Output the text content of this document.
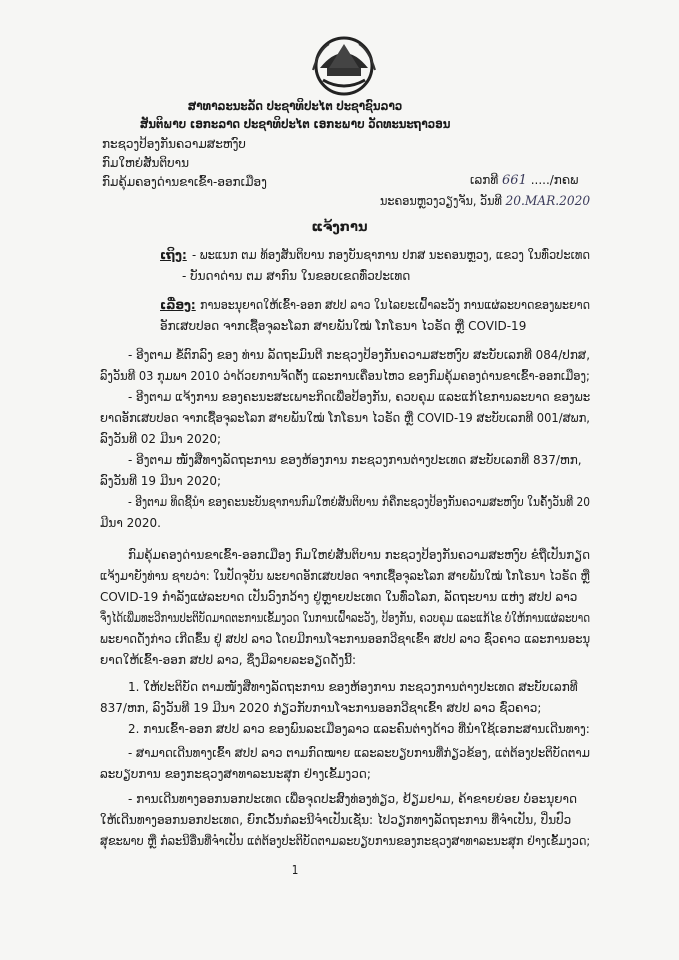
ສາທາລະນະລັດ ປະຊາທິປະໄຕ ປະຊາຊົນລາວ
ສັນຕິພາບ ເອກະລາດ ປະຊາທິປະໄຕ ເອກະພາບ ວັດທະນະຖາວອນ
ກະຊວງປ້ອງກັນຄວາມສະຫງົບ
ກົມໃຫຍ່ສັນຕິບານ
ກົມຄຸ້ມຄອງດ່ານຂາເຂົ້າ-ອອກເມືອງ	ເລກທີ 661 ...../ກຄພ
ນະຄອນຫຼວງວຽງຈັນ, ວັນທີ 20.MAR.2020
ແຈ້ງການ
ເຖິງ: - ພະແນກ ຕມ ທ້ອງສັນຕິບານ ກອງບັນຊາການ ປກສ ນະຄອນຫຼວງ, ແຂວງ ໃນທົ່ວປະເທດ
- ບັນດາດ່ານ ຕມ ສາກົນ ໃນຂອບເຂດທົ່ວປະເທດ
ເລື່ອງ: ການອະນຸຍາດໃຫ້ເຂົ້າ-ອອກ ສປປ ລາວ ໃນໄລຍະເຝົ້າລະວັງ ການແຜ່ລະບາດຂອງພະຍາດ
ອັກເສບປອດ ຈາກເຊື້ອຈຸລະໂລກ ສາຍພັນໃໝ່ ໂກໂຣນາ ໄວຣັດ ຫຼື COVID-19
- ອີງຕາມ ຂໍ້ຕົກລົງ ຂອງ ທ່ານ ລັດຖະມົນຕີ ກະຊວງປ້ອງກັນຄວາມສະຫງົບ ສະບັບເລກທີ 084/ປກສ,
ລົງວັນທີ 03 ກຸມພາ 2010 ວ່າດ້ວຍການຈັດຕັ້ງ ແລະການເຄື່ອນໄຫວ ຂອງກົມຄຸ້ມຄອງດ່ານຂາເຂົ້າ-ອອກເມືອງ;
- ອີງຕາມ ແຈ້ງການ ຂອງຄະນະສະເພາະກິດເພື່ອປ້ອງກັນ, ຄວບຄຸມ ແລະແກ້ໄຂການລະບາດ ຂອງພະ
ຍາດອັກເສບປອດ ຈາກເຊື້ອຈຸລະໂລກ ສາຍພັນໃໝ່ ໂກໂຣນາ ໄວຣັດ ຫຼື COVID-19 ສະບັບເລກທີ 001/ສພກ,
ລົງວັນທີ 02 ມີນາ 2020;
- ອີງຕາມ ໜັງສືທາງລັດຖະການ ຂອງຫ້ອງການ ກະຊວງການຕ່າງປະເທດ ສະບັບເລກທີ 837/ຫກ,
ລົງວັນທີ 19 ມີນາ 2020;
- ອີງຕາມ ທິດຊີ້ນຳ ຂອງຄະນະບັນຊາການກົມໃຫຍ່ສັນຕິບານ ກໍຄືກະຊວງປ້ອງກັນຄວາມສະຫງົບ ໃນຄັ້ງວັນທີ 20
ມີນາ 2020.
ກົມຄຸ້ມຄອງດ່ານຂາເຂົ້າ-ອອກເມືອງ ກົມໃຫຍ່ສັນຕິບານ ກະຊວງປ້ອງກັນຄວາມສະຫງົບ ຂໍຖືເປັນກຽດ
ແຈ້ງມາຍັງທ່ານ ຊາບວ່າ: ໃນປັດຈຸບັນ ພະຍາດອັກເສບປອດ ຈາກເຊື້ອຈຸລະໂລກ ສາຍພັນໃໝ່ ໂກໂຣນາ ໄວຣັດ ຫຼື
COVID-19 ກຳລັງແຜ່ລະບາດ ເປັນວົງກວ້າງ ຢູ່ຫຼາຍປະເທດ ໃນທົ່ວໂລກ, ລັດຖະບານ ແຫ່ງ ສປປ ລາວ
ຈຶ່ງໄດ້ເພີ່ມທະວີການປະຕິບັດມາດຕະການເຂັ້ມງວດ ໃນການເຝົ້າລະວັງ, ປ້ອງກັນ, ຄວບຄຸມ ແລະແກ້ໄຂ ບໍ່ໃຫ້ການແຜ່ລະບາດ
ພະຍາດດັ່ງກ່າວ ເກີດຂຶ້ນ ຢູ່ ສປປ ລາວ ໂດຍມີການໂຈະການອອກວີຊາເຂົ້າ ສປປ ລາວ ຊົ່ວຄາວ ແລະການອະນຸ
ຍາດໃຫ້ເຂົ້າ-ອອກ ສປປ ລາວ, ຊຶ່ງມີລາຍລະອຽດດັ່ງນີ້:
1. ໃຫ້ປະຕິບັດ ຕາມໜັງສືທາງລັດຖະການ ຂອງຫ້ອງການ ກະຊວງການຕ່າງປະເທດ ສະບັບເລກທີ
837/ຫກ, ລົງວັນທີ 19 ມີນາ 2020 ກ່ຽວກັບການໂຈະການອອກວີຊາເຂົ້າ ສປປ ລາວ ຊົ່ວຄາວ;
2. ການເຂົ້າ-ອອກ ສປປ ລາວ ຂອງພົນລະເມືອງລາວ ແລະຄົນຕ່າງດ້າວ ທີ່ນຳໃຊ້ເອກະສານເດີນທາງ:
- ສາມາດເດີນທາງເຂົ້າ ສປປ ລາວ ຕາມກົດໝາຍ ແລະລະບຽບການທີ່ກ່ຽວຂ້ອງ, ແຕ່ຕ້ອງປະຕິບັດຕາມ
ລະບຽບການ ຂອງກະຊວງສາທາລະນະສຸກ ຢ່າງເຂັ້ມງວດ;
- ການເດີນທາງອອກນອກປະເທດ ເພື່ອຈຸດປະສົງທ່ອງທ່ຽວ, ຢ້ຽມຢາມ, ຄ້າຂາຍຍ່ອຍ ບໍ່ອະນຸຍາດ
ໃຫ້ເດີນທາງອອກນອກປະເທດ, ຍົກເວັ້ນກໍລະນີຈຳເປັນເຊັ່ນ: ໄປວຽກທາງລັດຖະການ ທີ່ຈຳເປັນ, ປິ່ນປົວ
ສຸຂະພາບ ຫຼື ກໍລະນີອື່ນທີ່ຈຳເປັນ ແຕ່ຕ້ອງປະຕິບັດຕາມລະບຽບການຂອງກະຊວງສາທາລະນະສຸກ ຢ່າງເຂັ້ມງວດ;
1
